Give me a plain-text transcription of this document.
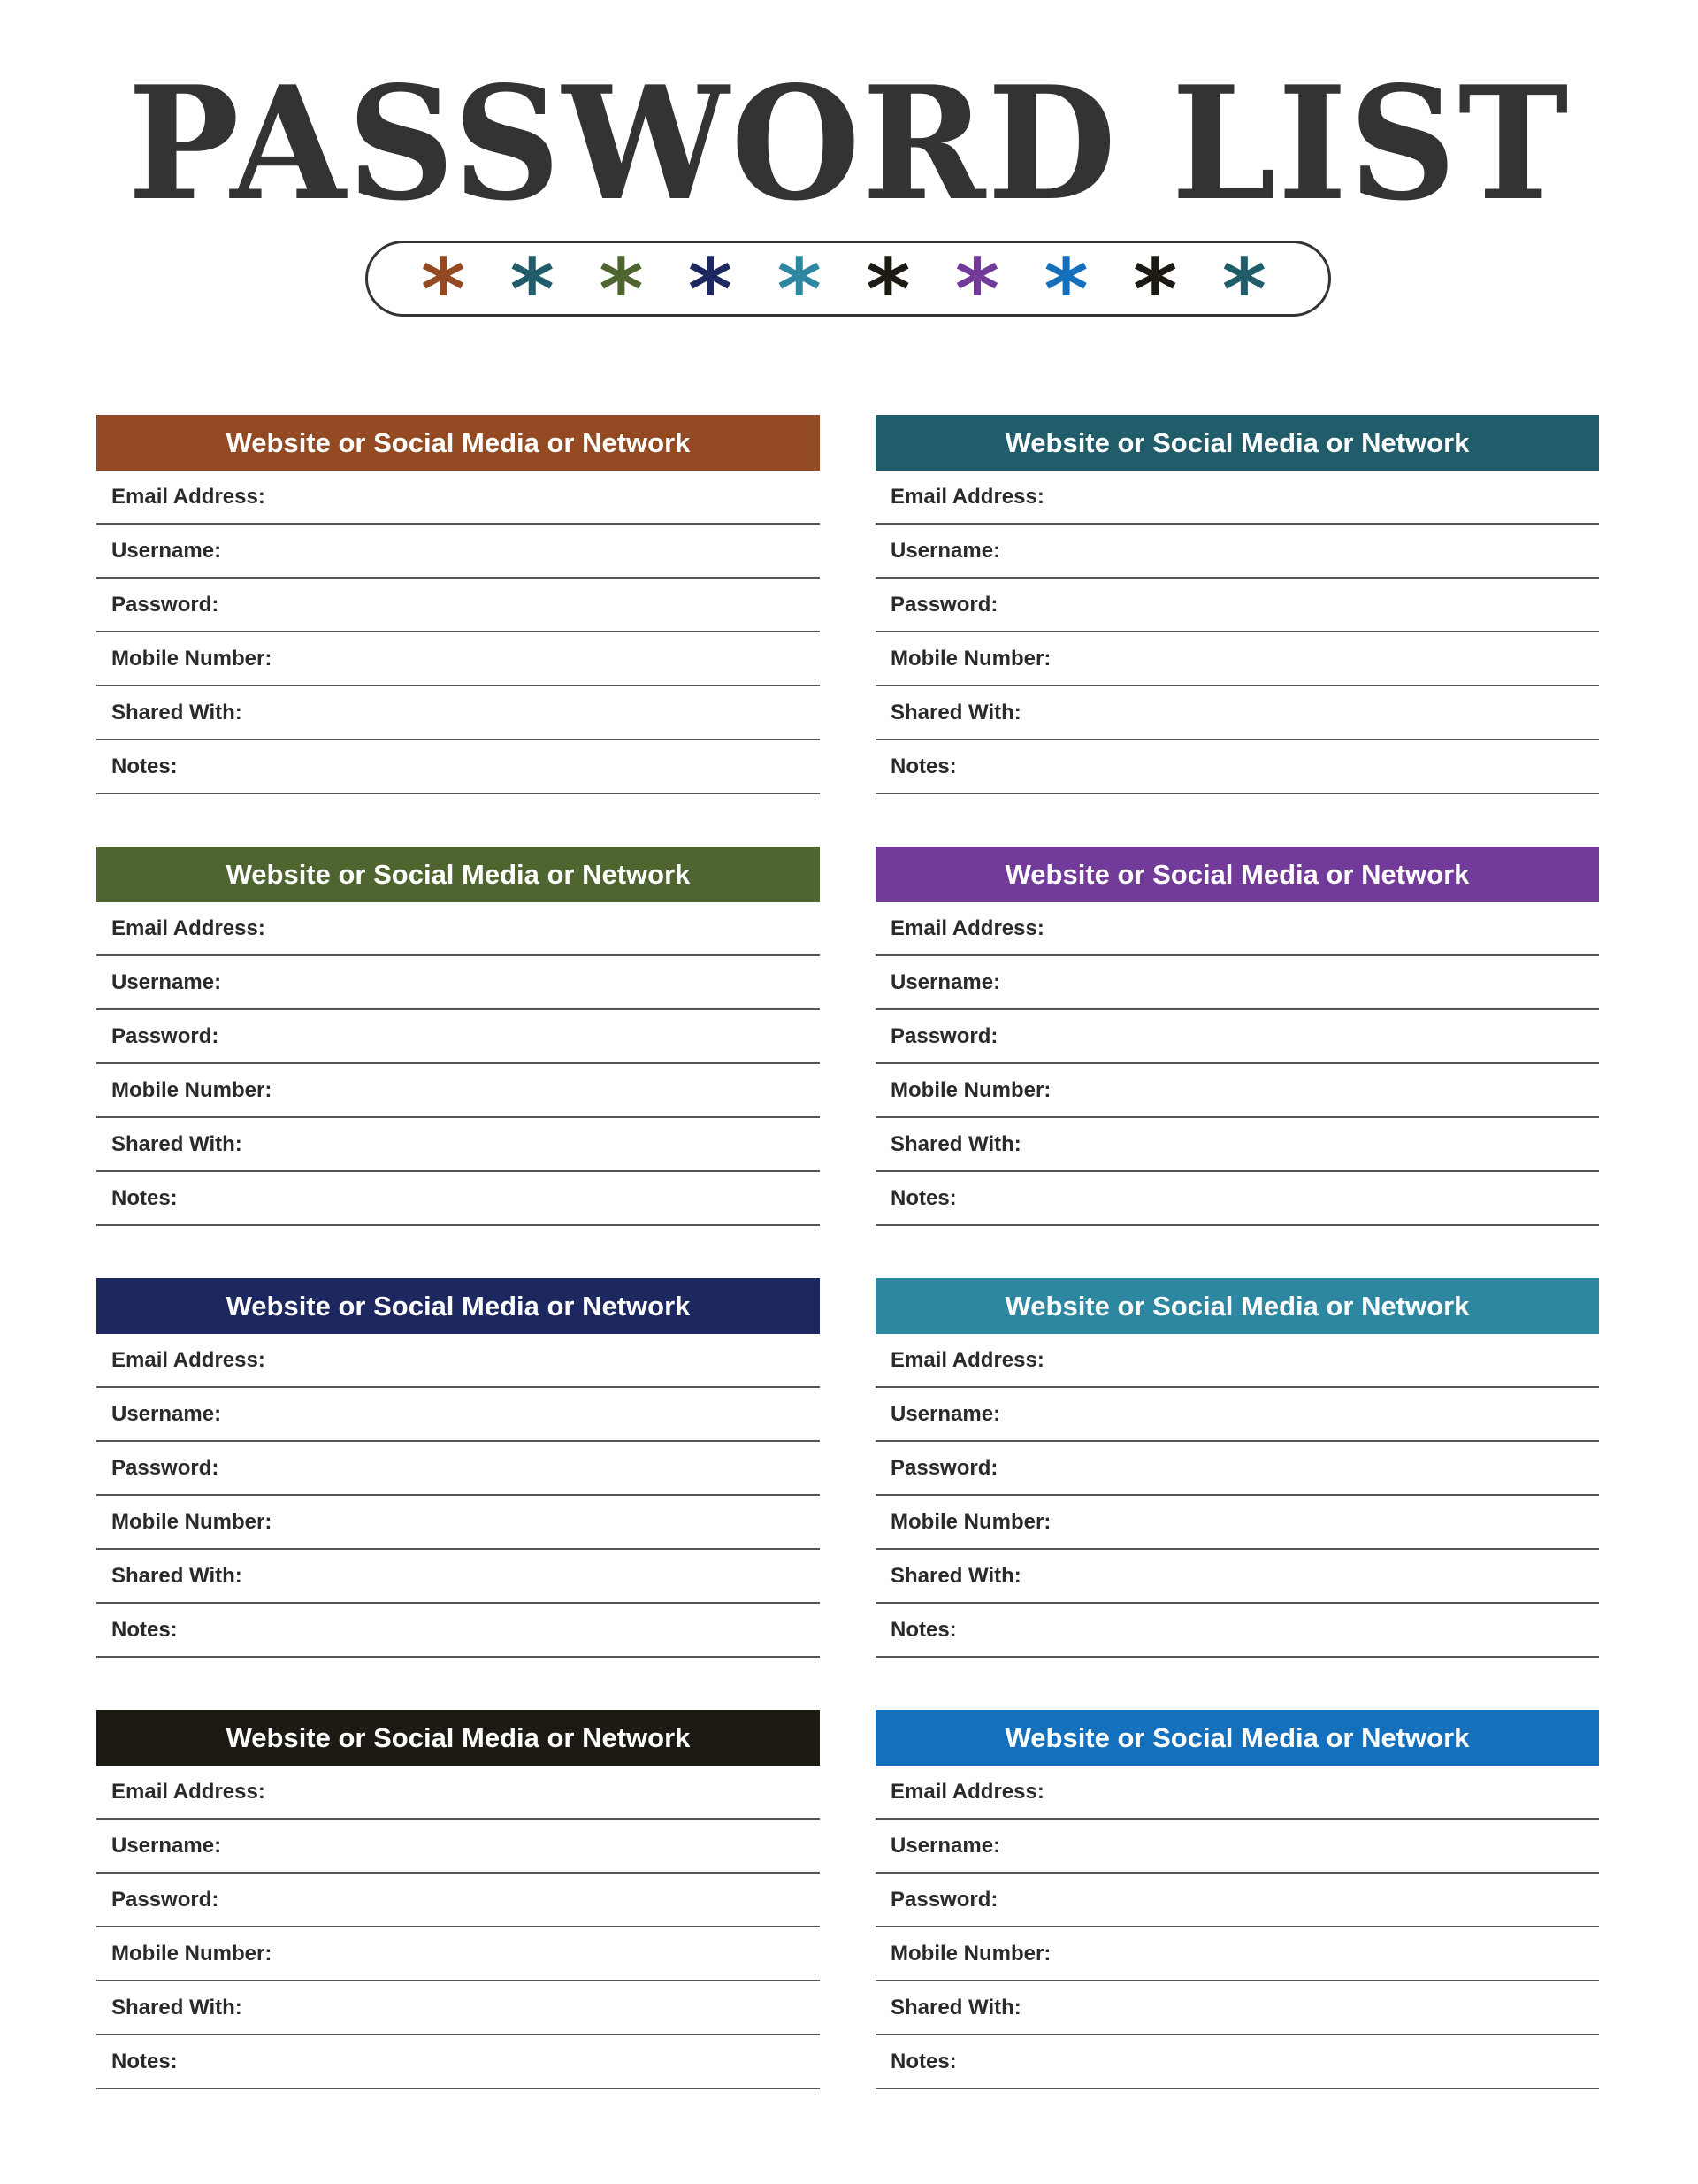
PASSWORD LIST
* * * * * * * * * *
Website or Social Media or Network
Email Address:
Username:
Password:
Mobile Number:
Shared With:
Notes:
Website or Social Media or Network
Email Address:
Username:
Password:
Mobile Number:
Shared With:
Notes:
Website or Social Media or Network
Email Address:
Username:
Password:
Mobile Number:
Shared With:
Notes:
Website or Social Media or Network
Email Address:
Username:
Password:
Mobile Number:
Shared With:
Notes:
Website or Social Media or Network
Email Address:
Username:
Password:
Mobile Number:
Shared With:
Notes:
Website or Social Media or Network
Email Address:
Username:
Password:
Mobile Number:
Shared With:
Notes:
Website or Social Media or Network
Email Address:
Username:
Password:
Mobile Number:
Shared With:
Notes:
Website or Social Media or Network
Email Address:
Username:
Password:
Mobile Number:
Shared With:
Notes:
